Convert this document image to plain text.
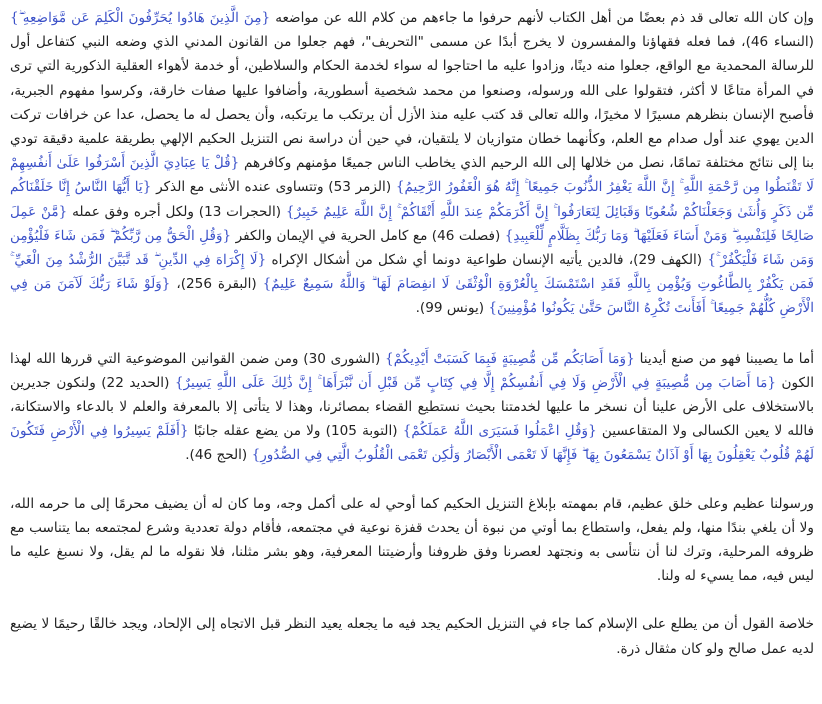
وإن كان الله تعالى قد ذم بعضًا من أهل الكتاب لأنهم حرفوا ما جاءهم من كلام الله عن مواضعه {مِنَ الَّذِينَ هَادُوا يُحَرِّفُونَ الْكَلِمَ عَن مَّوَاضِعِهِ ۖ} (النساء 46)، فما فعله فقهاؤنا والمفسرون لا يخرج أبدًا عن مسمى "التحريف"، فهم جعلوا من القانون المدني الذي وضعه النبي كتفاعل أول للرسالة المحمدية مع الواقع، جعلوا منه دينًا، وزادوا عليه ما احتاجوا له سواء لخدمة الحكام والسلاطين، أو خدمة لأهواء العقلية الذكورية التي ترى في المرأة متاعًا لا أكثر، فتقولوا على الله ورسوله، وصنعوا من محمد شخصية أسطورية، وأضافوا عليها صفات خارقة، وكرسوا مفهوم الجبرية، فأصبح الإنسان بنظرهم مسيرًا لا مخيرًا، والله تعالى قد كتب عليه منذ الأزل أن يرتكب ما يرتكبه، وأن يحصل له ما يحصل، عدا عن خرافات تركت الدين يهوي عند أول صدام مع العلم، وكأنهما خطان متوازيان لا يلتقيان، في حين أن دراسة نص التنزيل الحكيم الإلهي بطريقة علمية دقيقة تودي بنا إلى نتائج مختلفة تمامًا، نصل من خلالها إلى الله الرحيم الذي يخاطب الناس جميعًا مؤمنهم وكافرهم {قُلْ يَا عِبَادِيَ الَّذِينَ أَسْرَفُوا عَلَىٰ أَنفُسِهِمْ لَا تَقْنَطُوا مِن رَّحْمَةِ اللَّهِ ۚ إِنَّ اللَّهَ يَغْفِرُ الذُّنُوبَ جَمِيعًا ۚ إِنَّهُ هُوَ الْغَفُورُ الرَّحِيمُ} (الزمر 53) وتتساوى عنده الأنثى مع الذكر {يَا أَيُّهَا النَّاسُ إِنَّا خَلَقْنَاكُم مِّن ذَكَرٍ وَأُنثَىٰ وَجَعَلْنَاكُمْ شُعُوبًا وَقَبَائِلَ لِتَعَارَفُوا ۚ إِنَّ أَكْرَمَكُمْ عِندَ اللَّهِ أَتْقَاكُمْ ۚ إِنَّ اللَّهَ عَلِيمٌ خَبِيرٌ} (الحجرات 13) ولكل أجره وفق عمله {مَّنْ عَمِلَ صَالِحًا فَلِنَفْسِهِ ۖ وَمَنْ أَسَاءَ فَعَلَيْهَا ۗ وَمَا رَبُّكَ بِظَلَّامٍ لِّلْعَبِيدِ} (فصلت 46) مع كامل الحرية في الإيمان والكفر {وَقُلِ الْحَقُّ مِن رَّبِّكُمْ ۖ فَمَن شَاءَ فَلْيُؤْمِن وَمَن شَاءَ فَلْيَكْفُرْ ۚ} (الكهف 29)، فالدين يأتيه الإنسان طواعية دونما أي شكل من أشكال الإكراه {لَا إِكْرَاهَ فِي الدِّينِ ۖ قَد تَّبَيَّنَ الرُّشْدُ مِنَ الْغَيِّ ۚ فَمَن يَكْفُرْ بِالطَّاغُوتِ وَيُؤْمِن بِاللَّهِ فَقَدِ اسْتَمْسَكَ بِالْعُرْوَةِ الْوُثْقَىٰ لَا انفِصَامَ لَهَا ۗ وَاللَّهُ سَمِيعٌ عَلِيمٌ} (البقرة 256)، {وَلَوْ شَاءَ رَبُّكَ لَآمَنَ مَن فِي الْأَرْضِ كُلُّهُمْ جَمِيعًا ۚ أَفَأَنتَ تُكْرِهُ النَّاسَ حَتَّىٰ يَكُونُوا مُؤْمِنِينَ} (يونس 99).

أما ما يصيبنا فهو من صنع أيدينا {وَمَا أَصَابَكُم مِّن مُّصِيبَةٍ فَبِمَا كَسَبَتْ أَيْدِيكُمْ} (الشورى 30) ومن ضمن القوانين الموضوعية التي قررها الله لهذا الكون {مَا أَصَابَ مِن مُّصِيبَةٍ فِي الْأَرْضِ وَلَا فِي أَنفُسِكُمْ إِلَّا فِي كِتَابٍ مِّن قَبْلِ أَن نَّبْرَأَهَا ۚ إِنَّ ذَٰلِكَ عَلَى اللَّهِ يَسِيرٌ} (الحديد 22) ولنكون جديرين بالاستخلاف على الأرض علينا أن نسخر ما عليها لخدمتنا بحيث نستطيع القضاء بمصائرنا، وهذا لا يتأتى إلا بالمعرفة والعلم لا بالدعاء والاستكانة، فالله لا يعين الكسالى ولا المتقاعسين {وَقُلِ اعْمَلُوا فَسَيَرَى اللَّهُ عَمَلَكُمْ} (التوبة 105) ولا من يضع عقله جانبًا {أَفَلَمْ يَسِيرُوا فِي الْأَرْضِ فَتَكُونَ لَهُمْ قُلُوبٌ يَعْقِلُونَ بِهَا أَوْ آذَانٌ يَسْمَعُونَ بِهَا ۖ فَإِنَّهَا لَا تَعْمَى الْأَبْصَارُ وَلَٰكِن تَعْمَى الْقُلُوبُ الَّتِي فِي الصُّدُورِ} (الحج 46).

ورسولنا عظيم وعلى خلق عظيم، قام بمهمته بإبلاغ التنزيل الحكيم كما أوحي له على أكمل وجه، وما كان له أن يضيف محرمًا إلى ما حرمه الله، ولا أن يلغي بندًا منها، ولم يفعل، واستطاع بما أوتي من نبوة أن يحدث قفزة نوعية في مجتمعه، فأقام دولة تعددية وشرع لمجتمعه بما يتناسب مع ظروفه المرحلية، وترك لنا أن نتأسى به ونجتهد لعصرنا وفق ظروفنا وأرضيتنا المعرفية، وهو بشر مثلنا، فلا نقوله ما لم يقل، ولا نسبغ عليه ما ليس فيه، مما يسيء له ولنا.

خلاصة القول أن من يطلع على الإسلام كما جاء في التنزيل الحكيم يجد فيه ما يجعله يعيد النظر قبل الاتجاه إلى الإلحاد، ويجد خالقًا رحيمًا لا يضيع لديه عمل صالح ولو كان مثقال ذرة.
